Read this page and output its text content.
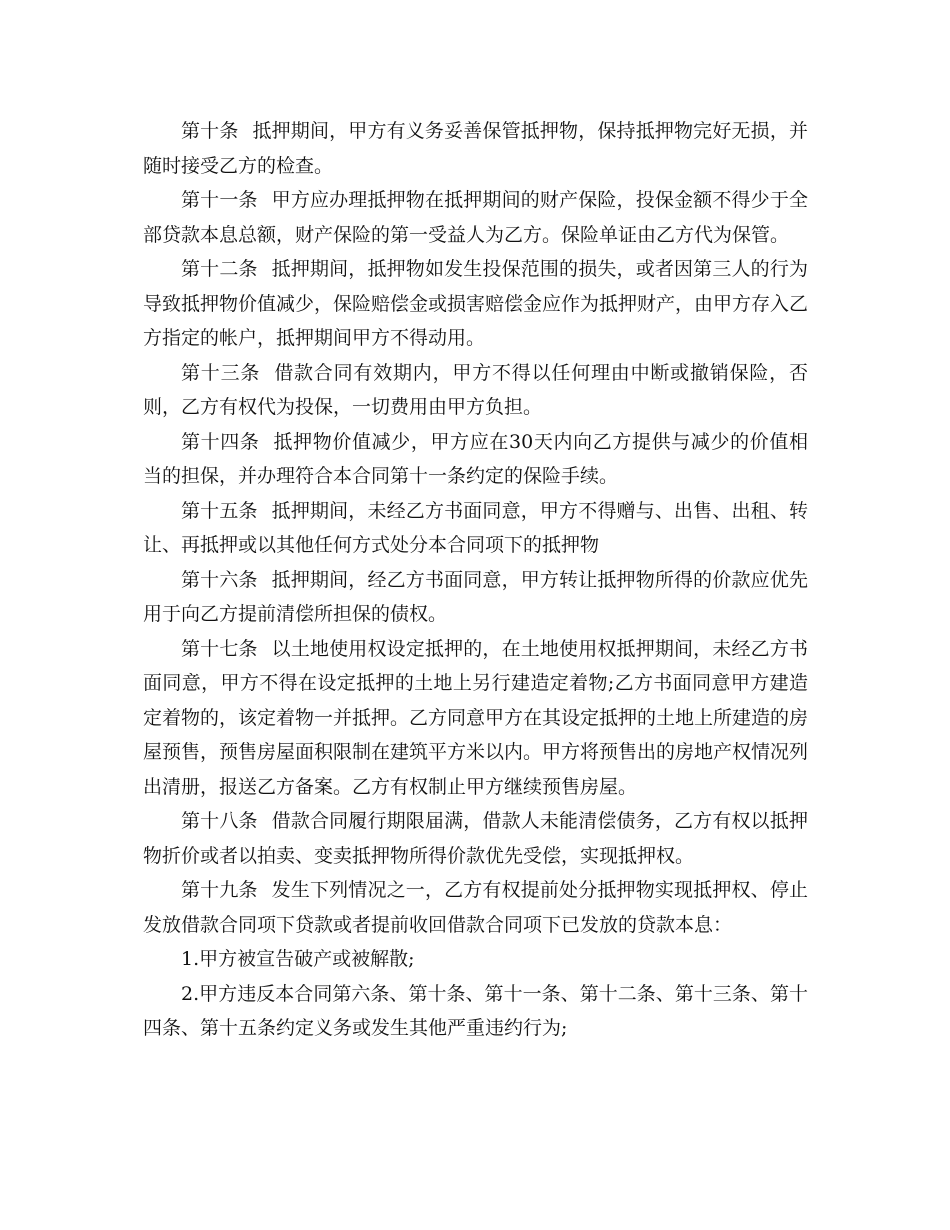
第十条 抵押期间，甲方有义务妥善保管抵押物，保持抵押物完好无损，并随时接受乙方的检查。

第十一条 甲方应办理抵押物在抵押期间的财产保险，投保金额不得少于全部贷款本息总额，财产保险的第一受益人为乙方。保险单证由乙方代为保管。

第十二条 抵押期间，抵押物如发生投保范围的损失，或者因第三人的行为导致抵押物价值减少，保险赔偿金或损害赔偿金应作为抵押财产，由甲方存入乙方指定的帐户，抵押期间甲方不得动用。

第十三条 借款合同有效期内，甲方不得以任何理由中断或撤销保险，否则，乙方有权代为投保，一切费用由甲方负担。

第十四条 抵押物价值减少，甲方应在30天内向乙方提供与减少的价值相当的担保，并办理符合本合同第十一条约定的保险手续。

第十五条 抵押期间，未经乙方书面同意，甲方不得赠与、出售、出租、转让、再抵押或以其他任何方式处分本合同项下的抵押物

第十六条 抵押期间，经乙方书面同意，甲方转让抵押物所得的价款应优先用于向乙方提前清偿所担保的债权。

第十七条 以土地使用权设定抵押的，在土地使用权抵押期间，未经乙方书面同意，甲方不得在设定抵押的土地上另行建造定着物;乙方书面同意甲方建造定着物的，该定着物一并抵押。乙方同意甲方在其设定抵押的土地上所建造的房屋预售，预售房屋面积限制在建筑平方米以内。甲方将预售出的房地产权情况列出清册，报送乙方备案。乙方有权制止甲方继续预售房屋。

第十八条 借款合同履行期限届满，借款人未能清偿债务，乙方有权以抵押物折价或者以拍卖、变卖抵押物所得价款优先受偿，实现抵押权。

第十九条 发生下列情况之一，乙方有权提前处分抵押物实现抵押权、停止发放借款合同项下贷款或者提前收回借款合同项下已发放的贷款本息：

1.甲方被宣告破产或被解散;

2.甲方违反本合同第六条、第十条、第十一条、第十二条、第十三条、第十四条、第十五条约定义务或发生其他严重违约行为;
